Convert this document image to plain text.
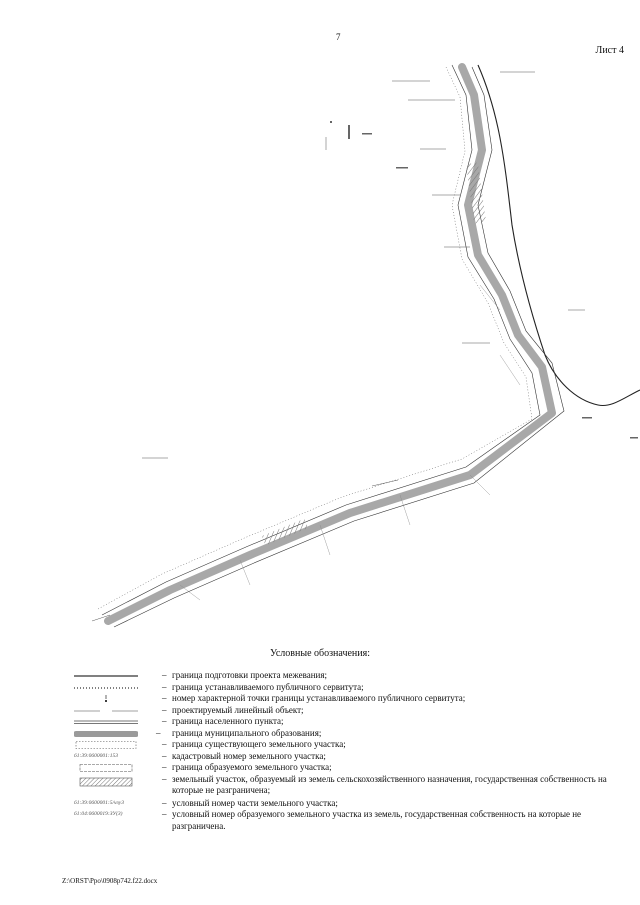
7
Лист 4
Условные обозначения:
– граница подготовки проекта межевания;
– граница устанавливаемого публичного сервитута;
– номер характерной точки границы устанавливаемого публичного сервитута;
– проектируемый линейный объект;
– граница населенного пункта;
– граница муниципального образования;
– граница существующего земельного участка;
61:39:0600001:153	– кадастровый номер земельного участка;
– граница образуемого земельного участка;
– земельный участок, образуемый из земель сельскохозяйственного назначения, государственная собственность на которые не разграничена;
61:39:0600001:5/чзу3	– условный номер части земельного участка;
61:04:0600019:ЗУ(3)	– условный номер образуемого земельного участка из земель, государственная собственность на которые не разграничена.
Z:\ORST\Ppo\0908p742.f22.docx
